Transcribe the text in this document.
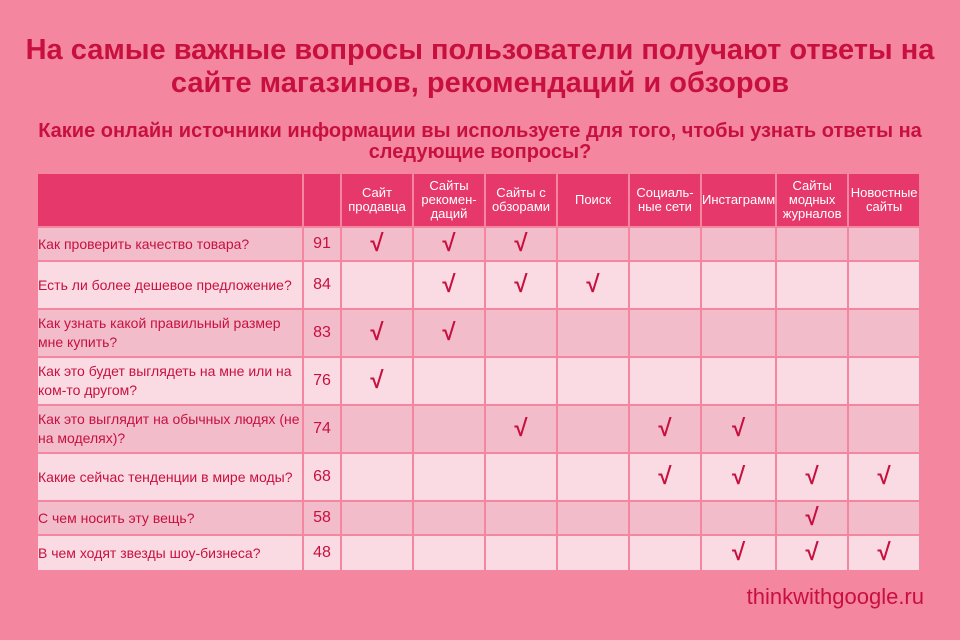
На самые важные вопросы пользователи получают ответы на сайте магазинов, рекомендаций и обзоров
Какие онлайн источники информации вы используете для того, чтобы узнать ответы на следующие вопросы?
		Сайт продавца	Сайты рекомен-даций	Сайты с обзорами	Поиск	Социаль-ные сети	Инстаграмм	Сайты модных журналов	Новостные сайты
Как проверить качество товара?	91	√	√	√					
Есть ли более дешевое предложение?	84		√	√	√				
Как узнать какой правильный размер мне купить?	83	√	√						
Как это будет выглядеть на мне или на ком-то другом?	76	√							
Как это выглядит на обычных людях (не на моделях)?	74			√		√	√		
Какие сейчас тенденции в мире моды?	68					√	√	√	√
С чем носить эту вещь?	58							√	
В чем ходят звезды шоу-бизнеса?	48						√	√	√
thinkwithgoogle.ru
